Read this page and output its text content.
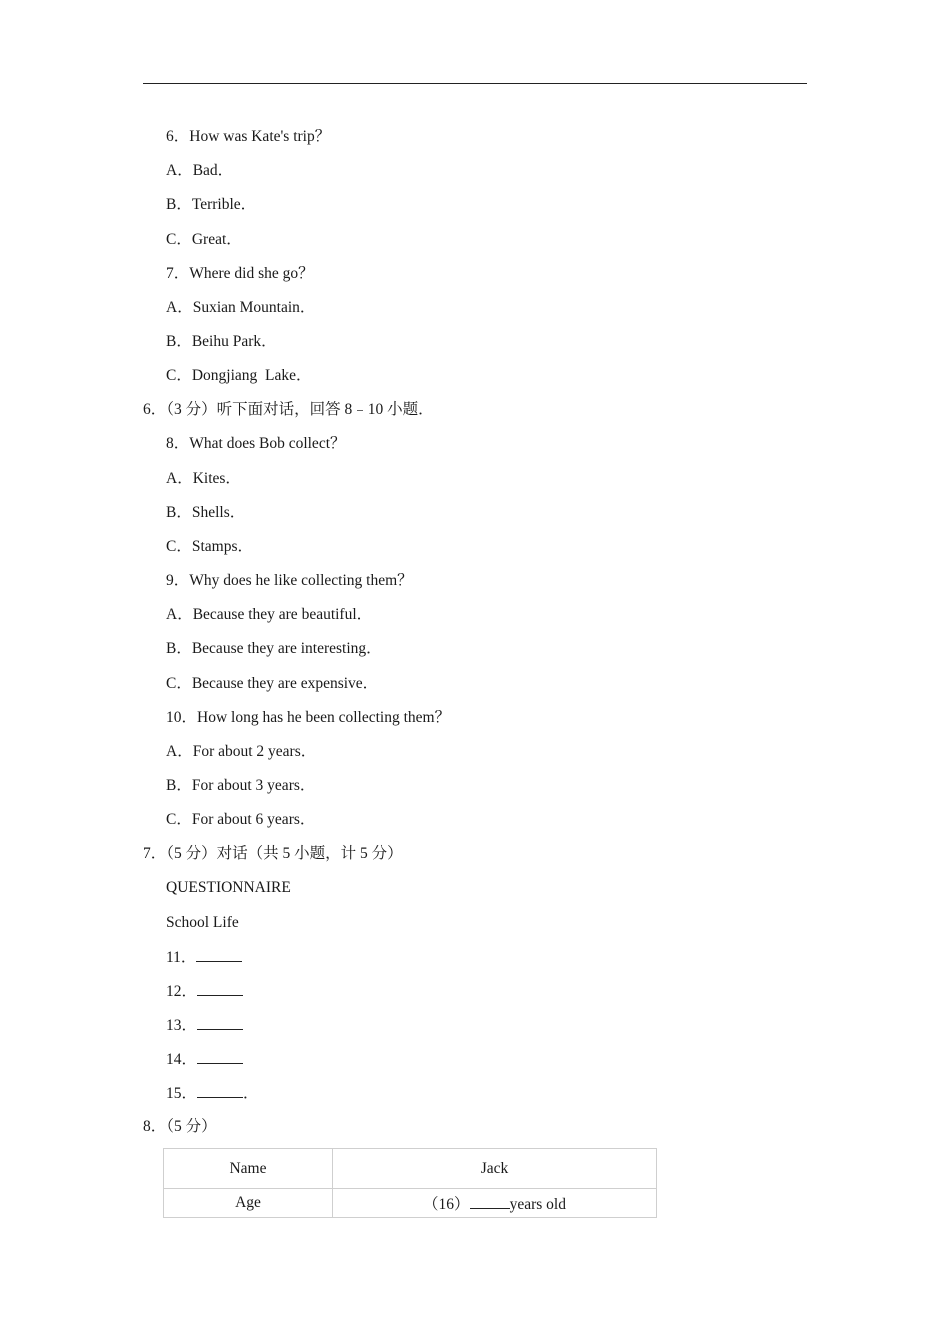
6．How was Kate's trip？
A．Bad．
B．Terrible．
C．Great．
7．Where did she go？
A．Suxian Mountain．
B．Beihu Park．
C．Dongjiang  Lake．
6．（3 分）听下面对话，回答 8﹣10 小题．
8．What does Bob collect？
A．Kites．
B．Shells．
C．Stamps．
9．Why does he like collecting them？
A．Because they are beautiful．
B．Because they are interesting．
C．Because they are expensive．
10．How long has he been collecting them？
A．For about 2 years．
B．For about 3 years．
C．For about 6 years．
7．（5 分）对话（共 5 小题，计 5 分）
QUESTIONNAIRE
School Life
11．
12．
13．
14．
15．	．
8．（5 分）
Name	Jack
Age	（16） years old
